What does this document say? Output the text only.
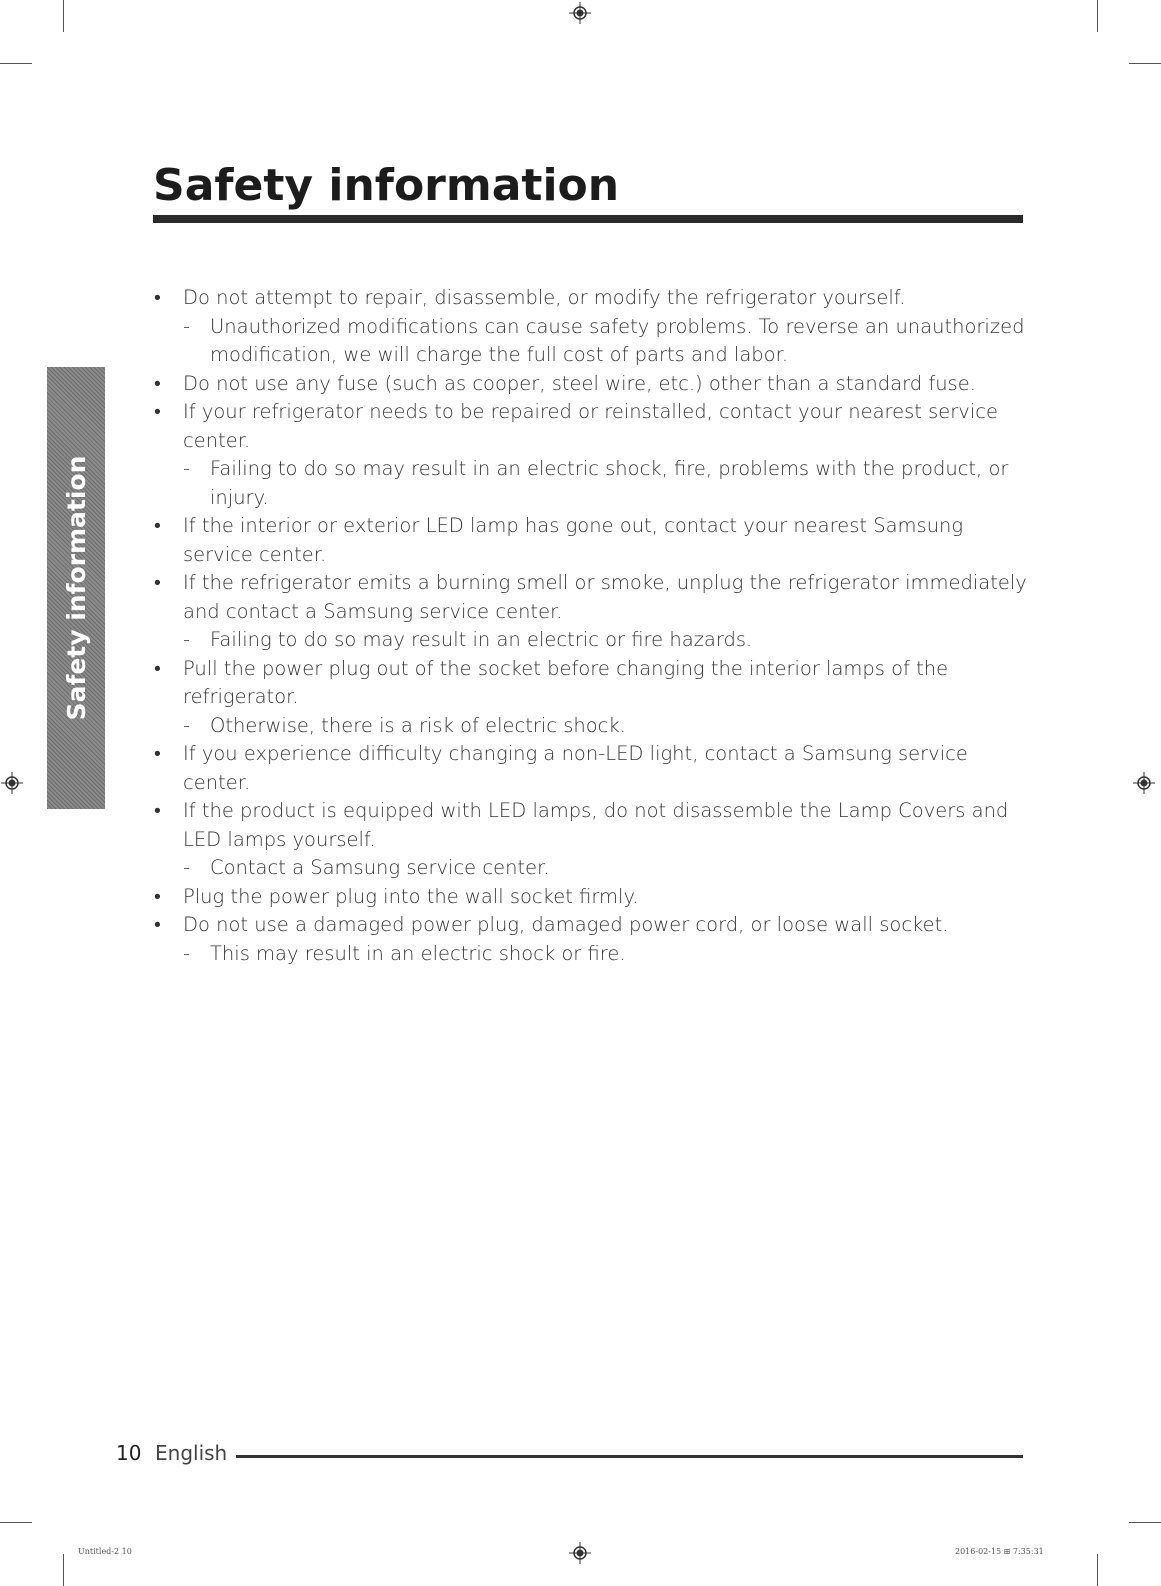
Safety information
Safety information
• Do not attempt to repair, disassemble, or modify the refrigerator yourself.
- Unauthorized modifications can cause safety problems. To reverse an unauthorized modification, we will charge the full cost of parts and labor.
• Do not use any fuse (such as cooper, steel wire, etc.) other than a standard fuse.
• If your refrigerator needs to be repaired or reinstalled, contact your nearest service center.
- Failing to do so may result in an electric shock, fire, problems with the product, or injury.
• If the interior or exterior LED lamp has gone out, contact your nearest Samsung service center.
• If the refrigerator emits a burning smell or smoke, unplug the refrigerator immediately and contact a Samsung service center.
- Failing to do so may result in an electric or fire hazards.
• Pull the power plug out of the socket before changing the interior lamps of the refrigerator.
- Otherwise, there is a risk of electric shock.
• If you experience difficulty changing a non-LED light, contact a Samsung service center.
• If the product is equipped with LED lamps, do not disassemble the Lamp Covers and LED lamps yourself.
- Contact a Samsung service center.
• Plug the power plug into the wall socket firmly.
• Do not use a damaged power plug, damaged power cord, or loose wall socket.
- This may result in an electric shock or fire.
10 English
Untitled-2 10	2016-02-15 ⊞ 7:35:31
